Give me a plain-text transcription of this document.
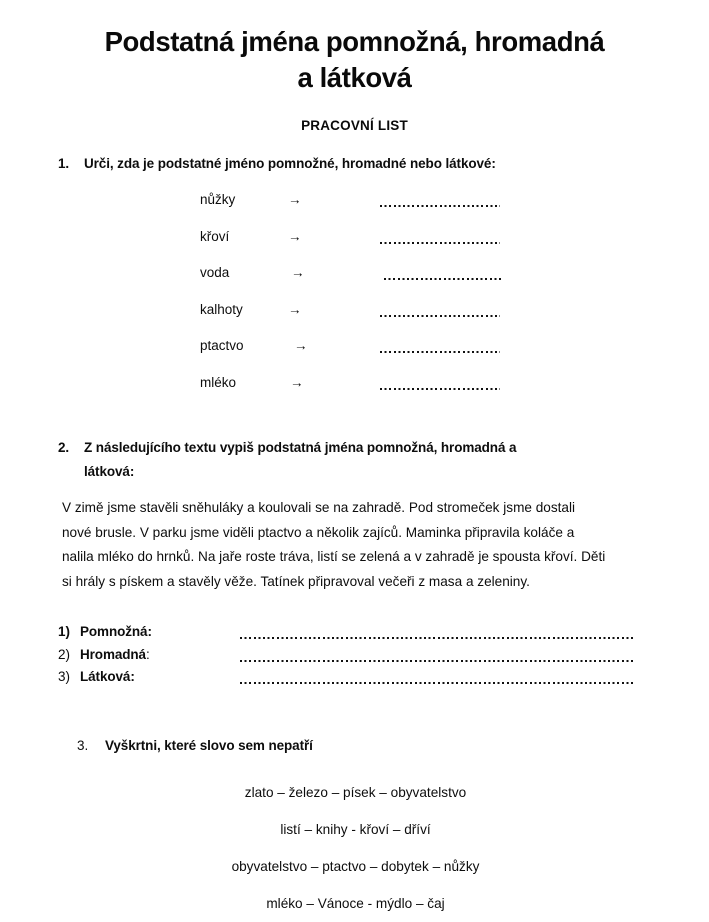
Podstatná jména pomnožná, hromadná
a látková
PRACOVNÍ LIST
1. Urči, zda je podstatné jméno pomnožné, hromadné nebo látkové:
nůžky	→
křoví	→
voda	→
kalhoty	→
ptactvo	→
mléko	→
2. Z následujícího textu vypiš podstatná jména pomnožná, hromadná a
látková:
V zimě jsme stavěli sněhuláky a koulovali se na zahradě. Pod stromeček jsme dostali nové brusle. V parku jsme viděli ptactvo a několik zajíců. Maminka připravila koláče a nalila mléko do hrnků. Na jaře roste tráva, listí se zelená a v zahradě je spousta křoví. Děti si hrály s pískem a stavěly věže. Tatínek připravoval večeři z masa a zeleniny.
1) Pomnožná:
2) Hromadná:
3) Látková:
3. Vyškrtni, které slovo sem nepatří
zlato – železo – písek – obyvatelstvo
listí – knihy - křoví – dříví
obyvatelstvo – ptactvo – dobytek – nůžky
mléko – Vánoce - mýdlo – čaj
